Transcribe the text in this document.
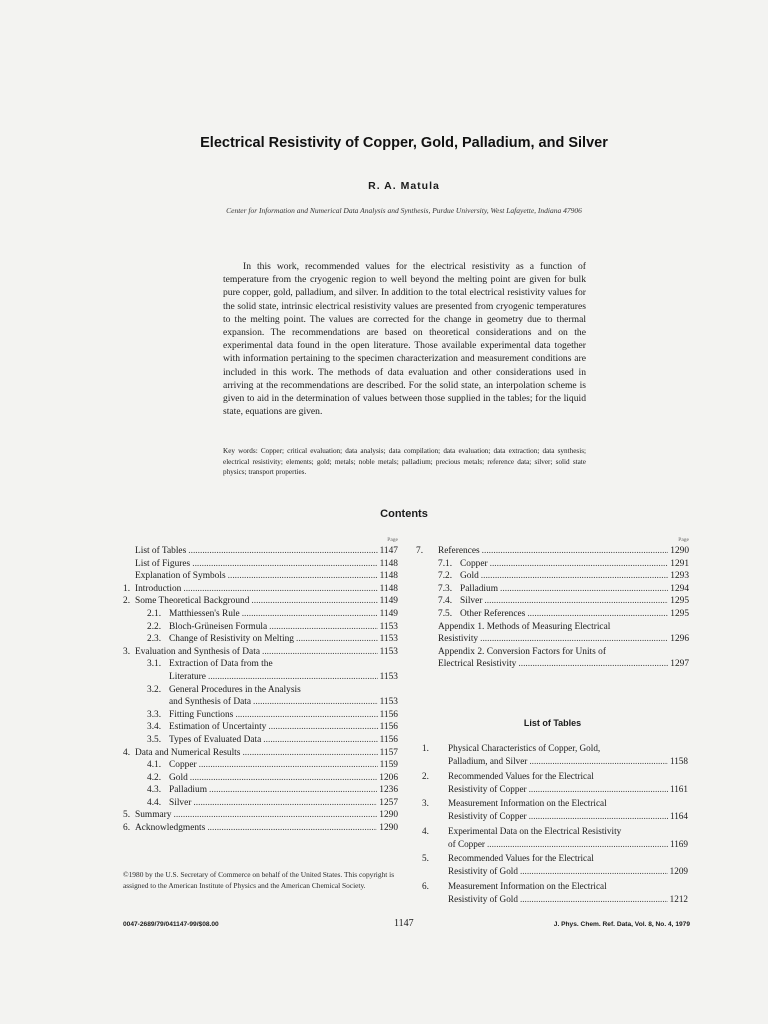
Electrical Resistivity of Copper, Gold, Palladium, and Silver
R. A. Matula
Center for Information and Numerical Data Analysis and Synthesis, Purdue University, West Lafayette, Indiana 47906
In this work, recommended values for the electrical resistivity as a function of temperature from the cryogenic region to well beyond the melting point are given for bulk pure copper, gold, palladium, and silver. In addition to the total electrical resistivity values for the solid state, intrinsic electrical resistivity values are presented from cryogenic temperatures to the melting point. The values are corrected for the change in geometry due to thermal expansion. The recommendations are based on theoretical considerations and on the experimental data found in the open literature. Those available experimental data together with information pertaining to the specimen characterization and measurement conditions are included in this work. The methods of data evaluation and other considerations used in arriving at the recommendations are described. For the solid state, an interpolation scheme is given to aid in the determination of values between those supplied in the tables; for the liquid state, equations are given.
Key words: Copper; critical evaluation; data analysis; data compilation; data evaluation; data extraction; data synthesis; electrical resistivity; elements; gold; metals; noble metals; palladium; precious metals; reference data; silver; solid state physics; transport properties.
Contents
Page
List of Tables .....	1147
List of Figures .....	1148
Explanation of Symbols .....	1148
1. Introduction .....	1148
2. Some Theoretical Background .....	1149
2.1. Matthiessen's Rule .....	1149
2.2. Bloch-Grüneisen Formula .....	1153
2.3. Change of Resistivity on Melting .....	1153
3. Evaluation and Synthesis of Data .....	1153
3.1. Extraction of Data from the
Literature .....	1153
3.2. General Procedures in the Analysis
and Synthesis of Data .....	1153
3.3. Fitting Functions .....	1156
3.4. Estimation of Uncertainty .....	1156
3.5. Types of Evaluated Data .....	1156
4. Data and Numerical Results .....	1157
4.1. Copper .....	1159
4.2. Gold .....	1206
4.3. Palladium .....	1236
4.4. Silver .....	1257
5. Summary .....	1290
6. Acknowledgments .....	1290
Page
7.	References .....	1290
7.1. Copper .....	1291
7.2. Gold .....	1293
7.3. Palladium .....	1294
7.4. Silver .....	1295
7.5. Other References .....	1295
Appendix 1. Methods of Measuring Electrical
Resistivity .....	1296
Appendix 2. Conversion Factors for Units of
Electrical Resistivity .....	1297
List of Tables
1. Physical Characteristics of Copper, Gold,
Palladium, and Silver .....	1158
2. Recommended Values for the Electrical
Resistivity of Copper .....	1161
3. Measurement Information on the Electrical
Resistivity of Copper .....	1164
4. Experimental Data on the Electrical Resistivity
of Copper .....	1169
5. Recommended Values for the Electrical
Resistivity of Gold .....	1209
6. Measurement Information on the Electrical
Resistivity of Gold .....	1212
©1980 by the U.S. Secretary of Commerce on behalf of the United States. This copyright is assigned to the American Institute of Physics and the American Chemical Society.
0047-2689/79/041147-99/$08.00	1147	J. Phys. Chem. Ref. Data, Vol. 8, No. 4, 1979
